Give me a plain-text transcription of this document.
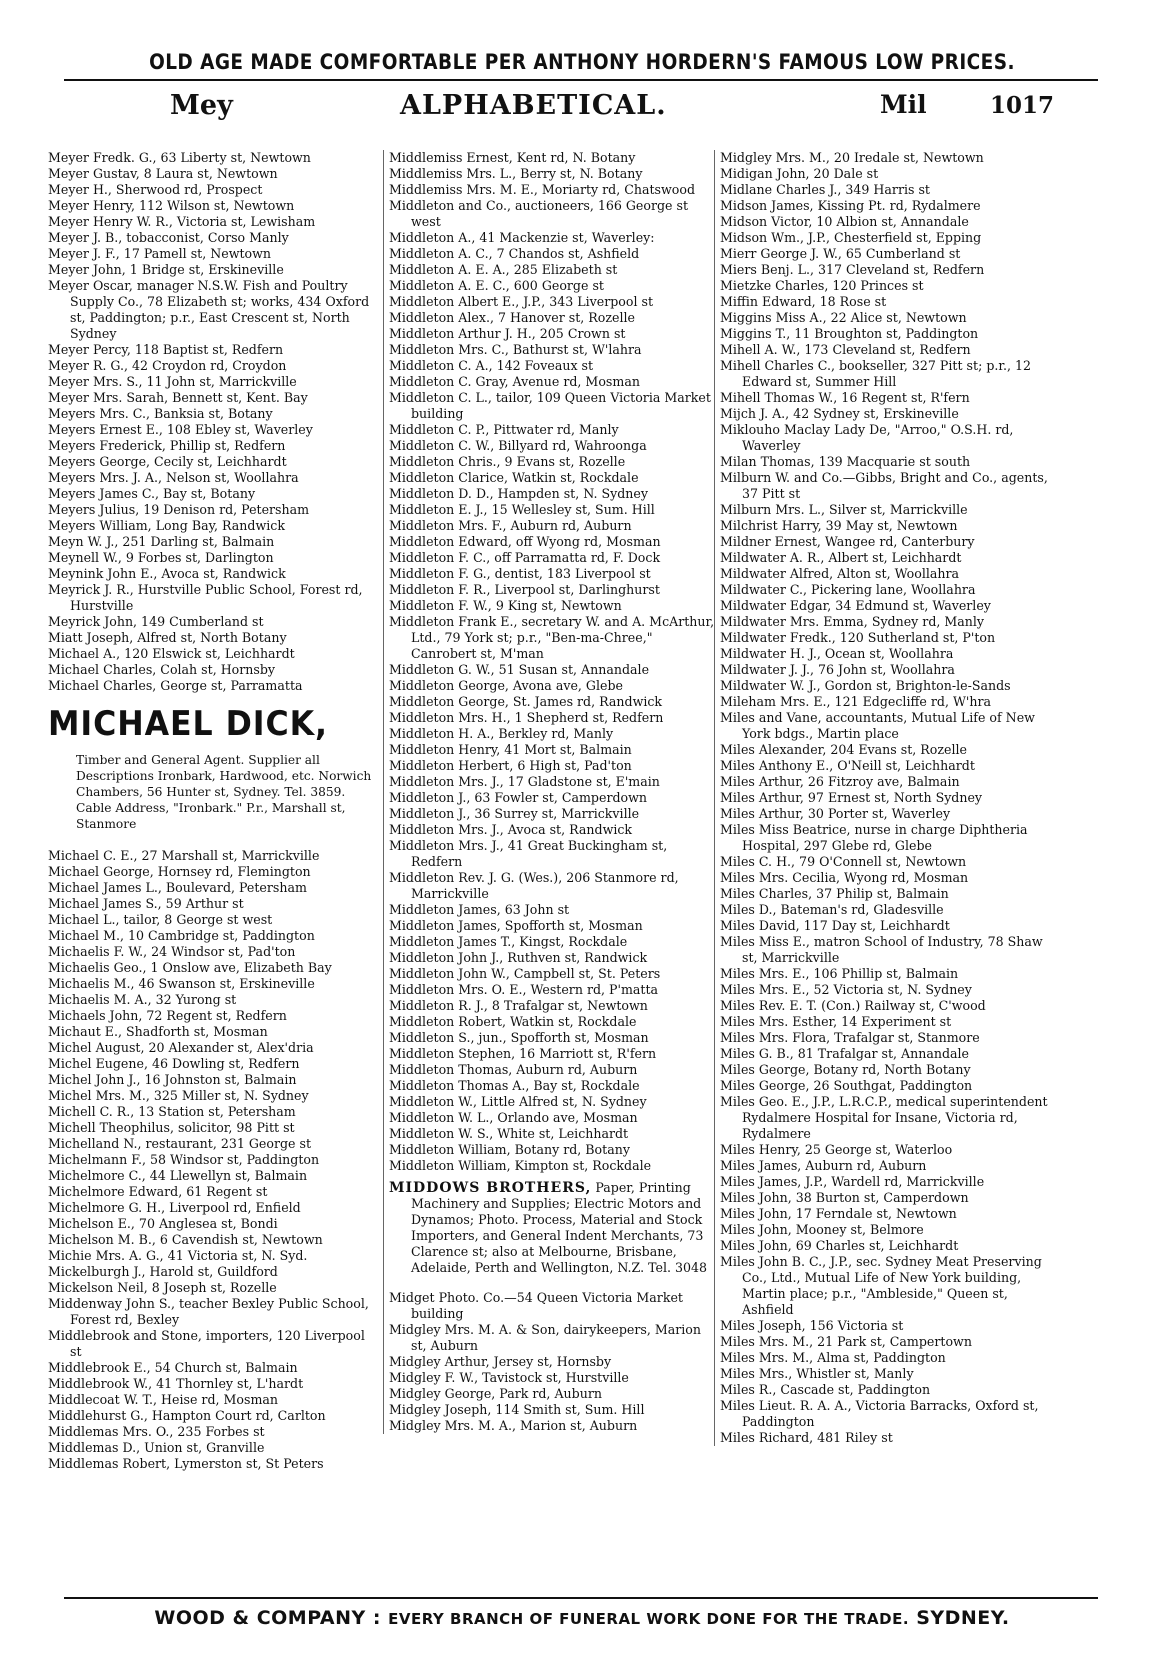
OLD AGE MADE COMFORTABLE PER ANTHONY HORDERN'S FAMOUS LOW PRICES.
Mey	ALPHABETICAL.	Mil	1017
Meyer Fredk. G., 63 Liberty st, Newtown
Meyer Gustav, 8 Laura st, Newtown
Meyer H., Sherwood rd, Prospect
Meyer Henry, 112 Wilson st, Newtown
Meyer Henry W. R., Victoria st, Lewisham
Meyer J. B., tobacconist, Corso Manly
Meyer J. F., 17 Pamell st, Newtown
Meyer John, 1 Bridge st, Erskineville
Meyer Oscar, manager N.S.W. Fish and Poultry Supply Co., 78 Elizabeth st; works, 434 Oxford st, Paddington; p.r., East Crescent st, North Sydney
Meyer Percy, 118 Baptist st, Redfern
Meyer R. G., 42 Croydon rd, Croydon
Meyer Mrs. S., 11 John st, Marrickville
Meyer Mrs. Sarah, Bennett st, Kent. Bay
Meyers Mrs. C., Banksia st, Botany
Meyers Ernest E., 108 Ebley st, Waverley
Meyers Frederick, Phillip st, Redfern
Meyers George, Cecily st, Leichhardt
Meyers Mrs. J. A., Nelson st, Woollahra
Meyers James C., Bay st, Botany
Meyers Julius, 19 Denison rd, Petersham
Meyers William, Long Bay, Randwick
Meyn W. J., 251 Darling st, Balmain
Meynell W., 9 Forbes st, Darlington
Meynink John E., Avoca st, Randwick
Meyrick J. R., Hurstville Public School, Forest rd, Hurstville
Meyrick John, 149 Cumberland st
Miatt Joseph, Alfred st, North Botany
Michael A., 120 Elswick st, Leichhardt
Michael Charles, Colah st, Hornsby
Michael Charles, George st, Parramatta
MICHAEL DICK,
Timber and General Agent. Supplier all Descriptions Ironbark, Hardwood, etc. Norwich Chambers, 56 Hunter st, Sydney. Tel. 3859. Cable Address, "Ironbark." P.r., Marshall st, Stanmore
Michael C. E., 27 Marshall st, Marrickville
Michael George, Hornsey rd, Flemington
Michael James L., Boulevard, Petersham
Michael James S., 59 Arthur st
Michael L., tailor, 8 George st west
Michael M., 10 Cambridge st, Paddington
Michaelis F. W., 24 Windsor st, Pad'ton
Michaelis Geo., 1 Onslow ave, Elizabeth Bay
Michaelis M., 46 Swanson st, Erskineville
Michaelis M. A., 32 Yurong st
Michaels John, 72 Regent st, Redfern
Michaut E., Shadforth st, Mosman
Michel August, 20 Alexander st, Alex'dria
Michel Eugene, 46 Dowling st, Redfern
Michel John J., 16 Johnston st, Balmain
Michel Mrs. M., 325 Miller st, N. Sydney
Michell C. R., 13 Station st, Petersham
Michell Theophilus, solicitor, 98 Pitt st
Michelland N., restaurant, 231 George st
Michelmann F., 58 Windsor st, Paddington
Michelmore C., 44 Llewellyn st, Balmain
Michelmore Edward, 61 Regent st
Michelmore G. H., Liverpool rd, Enfield
Michelson E., 70 Anglesea st, Bondi
Michelson M. B., 6 Cavendish st, Newtown
Michie Mrs. A. G., 41 Victoria st, N. Syd.
Mickelburgh J., Harold st, Guildford
Mickelson Neil, 8 Joseph st, Rozelle
Middenway John S., teacher Bexley Public School, Forest rd, Bexley
Middlebrook and Stone, importers, 120 Liverpool st
Middlebrook E., 54 Church st, Balmain
Middlebrook W., 41 Thornley st, L'hardt
Middlecoat W. T., Heise rd, Mosman
Middlehurst G., Hampton Court rd, Carlton
Middlemas Mrs. O., 235 Forbes st
Middlemas D., Union st, Granville
Middlemas Robert, Lymerston st, St Peters
Middlemiss Ernest, Kent rd, N. Botany
Middlemiss Mrs. L., Berry st, N. Botany
Middlemiss Mrs. M. E., Moriarty rd, Chatswood
Middleton and Co., auctioneers, 166 George st west
Middleton A., 41 Mackenzie st, Waverley:
Middleton A. C., 7 Chandos st, Ashfield
Middleton A. E. A., 285 Elizabeth st
Middleton A. E. C., 600 George st
Middleton Albert E., J.P., 343 Liverpool st
Middleton Alex., 7 Hanover st, Rozelle
Middleton Arthur J. H., 205 Crown st
Middleton Mrs. C., Bathurst st, W'lahra
Middleton C. A., 142 Foveaux st
Middleton C. Gray, Avenue rd, Mosman
Middleton C. L., tailor, 109 Queen Victoria Market building
Middleton C. P., Pittwater rd, Manly
Middleton C. W., Billyard rd, Wahroonga
Middleton Chris., 9 Evans st, Rozelle
Middleton Clarice, Watkin st, Rockdale
Middleton D. D., Hampden st, N. Sydney
Middleton E. J., 15 Wellesley st, Sum. Hill
Middleton Mrs. F., Auburn rd, Auburn
Middleton Edward, off Wyong rd, Mosman
Middleton F. C., off Parramatta rd, F. Dock
Middleton F. G., dentist, 183 Liverpool st
Middleton F. R., Liverpool st, Darlinghurst
Middleton F. W., 9 King st, Newtown
Middleton Frank E., secretary W. and A. McArthur, Ltd., 79 York st; p.r., "Ben-ma-Chree," Canrobert st, M'man
Middleton G. W., 51 Susan st, Annandale
Middleton George, Avona ave, Glebe
Middleton George, St. James rd, Randwick
Middleton Mrs. H., 1 Shepherd st, Redfern
Middleton H. A., Berkley rd, Manly
Middleton Henry, 41 Mort st, Balmain
Middleton Herbert, 6 High st, Pad'ton
Middleton Mrs. J., 17 Gladstone st, E'main
Middleton J., 63 Fowler st, Camperdown
Middleton J., 36 Surrey st, Marrickville
Middleton Mrs. J., Avoca st, Randwick
Middleton Mrs. J., 41 Great Buckingham st, Redfern
Middleton Rev. J. G. (Wes.), 206 Stanmore rd, Marrickville
Middleton James, 63 John st
Middleton James, Spofforth st, Mosman
Middleton James T., Kingst, Rockdale
Middleton John J., Ruthven st, Randwick
Middleton John W., Campbell st, St. Peters
Middleton Mrs. O. E., Western rd, P'matta
Middleton R. J., 8 Trafalgar st, Newtown
Middleton Robert, Watkin st, Rockdale
Middleton S., jun., Spofforth st, Mosman
Middleton Stephen, 16 Marriott st, R'fern
Middleton Thomas, Auburn rd, Auburn
Middleton Thomas A., Bay st, Rockdale
Middleton W., Little Alfred st, N. Sydney
Middleton W. L., Orlando ave, Mosman
Middleton W. S., White st, Leichhardt
Middleton William, Botany rd, Botany
Middleton William, Kimpton st, Rockdale
MIDDOWS BROTHERS, Paper, Printing Machinery and Supplies; Electric Motors and Dynamos; Photo. Process, Material and Stock Importers, and General Indent Merchants, 73 Clarence st; also at Melbourne, Brisbane, Adelaide, Perth and Wellington, N.Z. Tel. 3048
Midget Photo. Co.—54 Queen Victoria Market building
Midgley Mrs. M. A. & Son, dairykeepers, Marion st, Auburn
Midgley Arthur, Jersey st, Hornsby
Midgley F. W., Tavistock st, Hurstville
Midgley George, Park rd, Auburn
Midgley Joseph, 114 Smith st, Sum. Hill
Midgley Mrs. M. A., Marion st, Auburn
Midgley Mrs. M., 20 Iredale st, Newtown
Midigan John, 20 Dale st
Midlane Charles J., 349 Harris st
Midson James, Kissing Pt. rd, Rydalmere
Midson Victor, 10 Albion st, Annandale
Midson Wm., J.P., Chesterfield st, Epping
Mierr George J. W., 65 Cumberland st
Miers Benj. L., 317 Cleveland st, Redfern
Mietzke Charles, 120 Princes st
Miffin Edward, 18 Rose st
Miggins Miss A., 22 Alice st, Newtown
Miggins T., 11 Broughton st, Paddington
Mihell A. W., 173 Cleveland st, Redfern
Mihell Charles C., bookseller, 327 Pitt st; p.r., 12 Edward st, Summer Hill
Mihell Thomas W., 16 Regent st, R'fern
Mijch J. A., 42 Sydney st, Erskineville
Miklouho Maclay Lady De, "Arroo," O.S.H. rd, Waverley
Milan Thomas, 139 Macquarie st south
Milburn W. and Co.—Gibbs, Bright and Co., agents, 37 Pitt st
Milburn Mrs. L., Silver st, Marrickville
Milchrist Harry, 39 May st, Newtown
Mildner Ernest, Wangee rd, Canterbury
Mildwater A. R., Albert st, Leichhardt
Mildwater Alfred, Alton st, Woollahra
Mildwater C., Pickering lane, Woollahra
Mildwater Edgar, 34 Edmund st, Waverley
Mildwater Mrs. Emma, Sydney rd, Manly
Mildwater Fredk., 120 Sutherland st, P'ton
Mildwater H. J., Ocean st, Woollahra
Mildwater J. J., 76 John st, Woollahra
Mildwater W. J., Gordon st, Brighton-le-Sands
Mileham Mrs. E., 121 Edgecliffe rd, W'hra
Miles and Vane, accountants, Mutual Life of New York bdgs., Martin place
Miles Alexander, 204 Evans st, Rozelle
Miles Anthony E., O'Neill st, Leichhardt
Miles Arthur, 26 Fitzroy ave, Balmain
Miles Arthur, 97 Ernest st, North Sydney
Miles Arthur, 30 Porter st, Waverley
Miles Miss Beatrice, nurse in charge Diphtheria Hospital, 297 Glebe rd, Glebe
Miles C. H., 79 O'Connell st, Newtown
Miles Mrs. Cecilia, Wyong rd, Mosman
Miles Charles, 37 Philip st, Balmain
Miles D., Bateman's rd, Gladesville
Miles David, 117 Day st, Leichhardt
Miles Miss E., matron School of Industry, 78 Shaw st, Marrickville
Miles Mrs. E., 106 Phillip st, Balmain
Miles Mrs. E., 52 Victoria st, N. Sydney
Miles Rev. E. T. (Con.) Railway st, C'wood
Miles Mrs. Esther, 14 Experiment st
Miles Mrs. Flora, Trafalgar st, Stanmore
Miles G. B., 81 Trafalgar st, Annandale
Miles George, Botany rd, North Botany
Miles George, 26 Southgat, Paddington
Miles Geo. E., J.P., L.R.C.P., medical superintendent Rydalmere Hospital for Insane, Victoria rd, Rydalmere
Miles Henry, 25 George st, Waterloo
Miles James, Auburn rd, Auburn
Miles James, J.P., Wardell rd, Marrickville
Miles John, 38 Burton st, Camperdown
Miles John, 17 Ferndale st, Newtown
Miles John, Mooney st, Belmore
Miles John, 69 Charles st, Leichhardt
Miles John B. C., J.P., sec. Sydney Meat Preserving Co., Ltd., Mutual Life of New York building, Martin place; p.r., "Ambleside," Queen st, Ashfield
Miles Joseph, 156 Victoria st
Miles Mrs. M., 21 Park st, Campertown
Miles Mrs. M., Alma st, Paddington
Miles Mrs., Whistler st, Manly
Miles R., Cascade st, Paddington
Miles Lieut. R. A. A., Victoria Barracks, Oxford st, Paddington
Miles Richard, 481 Riley st
WOOD & COMPANY : EVERY BRANCH OF FUNERAL WORK DONE FOR THE TRADE. SYDNEY.
